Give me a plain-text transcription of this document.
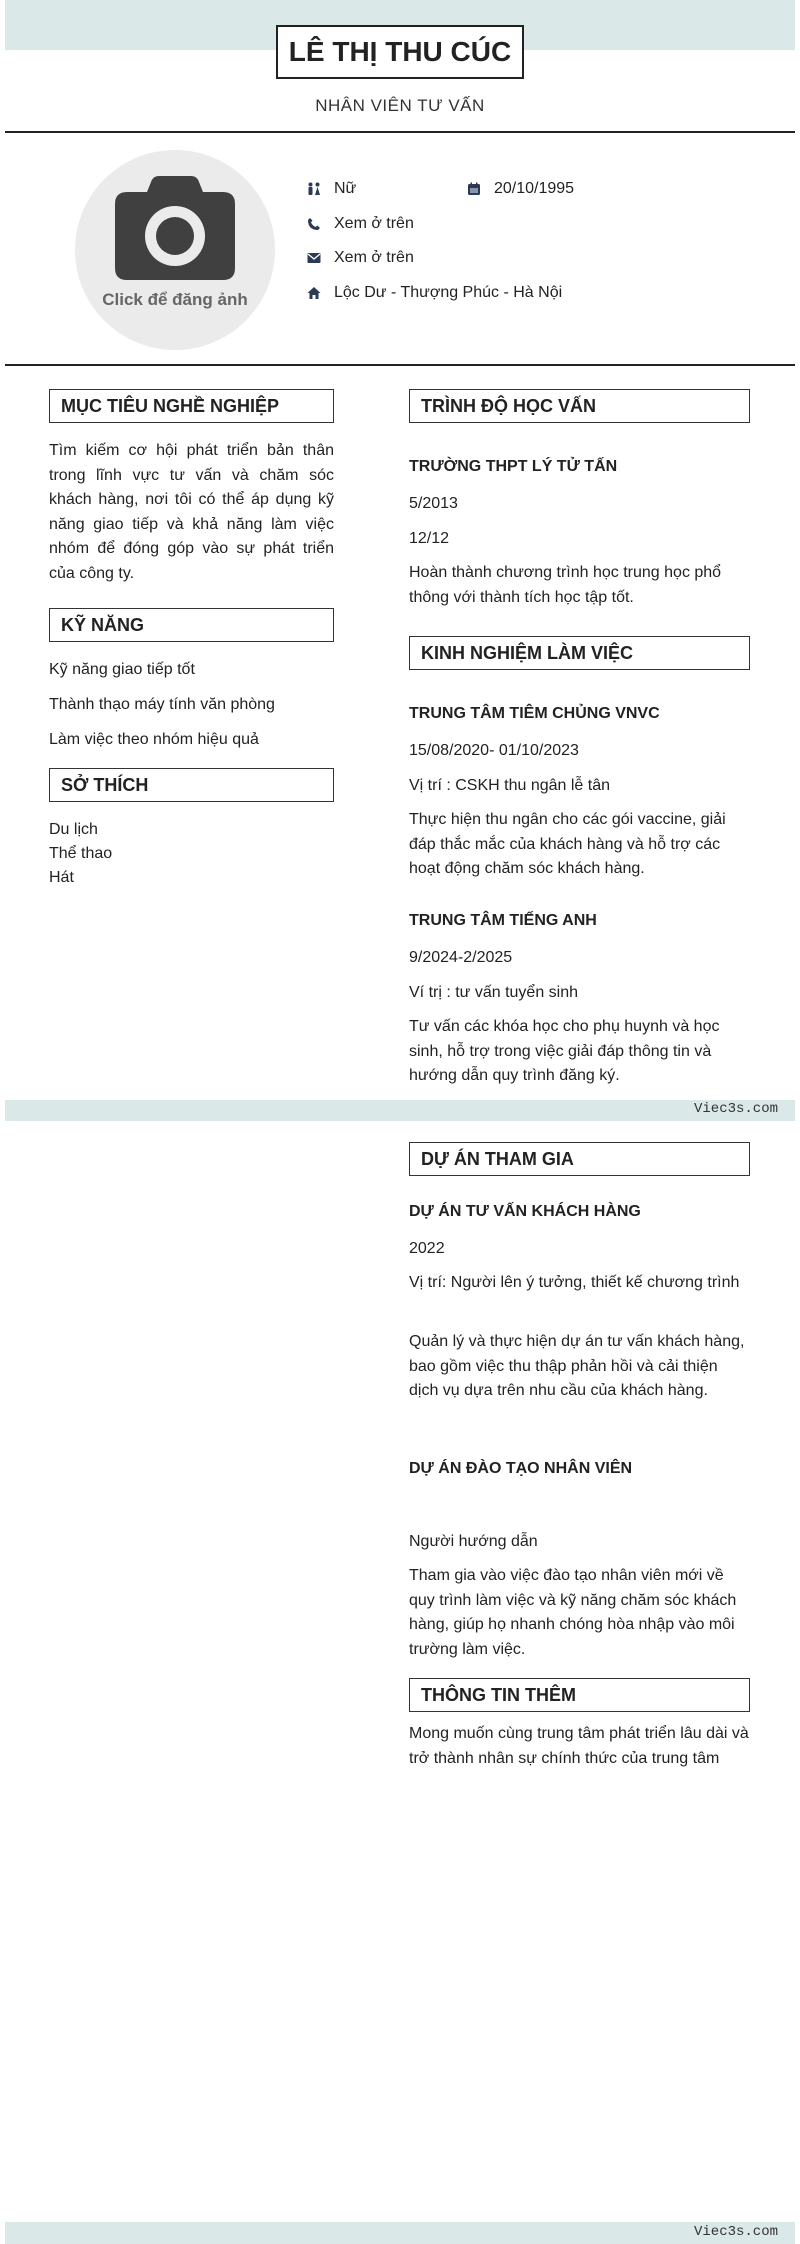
LÊ THỊ THU CÚC
NHÂN VIÊN TƯ VẤN
Click để đăng ảnh
Nữ	20/10/1995
Xem ở trên
Xem ở trên
Lộc Dư - Thượng Phúc - Hà Nội
MỤC TIÊU NGHỀ NGHIỆP
Tìm kiếm cơ hội phát triển bản thân trong lĩnh vực tư vấn và chăm sóc khách hàng, nơi tôi có thể áp dụng kỹ năng giao tiếp và khả năng làm việc nhóm để đóng góp vào sự phát triển của công ty.
KỸ NĂNG
Kỹ năng giao tiếp tốt
Thành thạo máy tính văn phòng
Làm việc theo nhóm hiệu quả
SỞ THÍCH
Du lịch
Thể thao
Hát
TRÌNH ĐỘ HỌC VẤN
TRƯỜNG THPT LÝ TỬ TẤN
5/2013
12/12
Hoàn thành chương trình học trung học phổ thông với thành tích học tập tốt.
KINH NGHIỆM LÀM VIỆC
TRUNG TÂM TIÊM CHỦNG VNVC
15/08/2020- 01/10/2023
Vị trí : CSKH thu ngân lễ tân
Thực hiện thu ngân cho các gói vaccine, giải đáp thắc mắc của khách hàng và hỗ trợ các hoạt động chăm sóc khách hàng.
TRUNG TÂM TIẾNG ANH
9/2024-2/2025
Ví trị : tư vấn tuyển sinh
Tư vấn các khóa học cho phụ huynh và học sinh, hỗ trợ trong việc giải đáp thông tin và hướng dẫn quy trình đăng ký.
Viec3s.com
DỰ ÁN THAM GIA
DỰ ÁN TƯ VẤN KHÁCH HÀNG
2022
Vị trí: Người lên ý tưởng, thiết kế chương trình
Quản lý và thực hiện dự án tư vấn khách hàng, bao gồm việc thu thập phản hồi và cải thiện dịch vụ dựa trên nhu cầu của khách hàng.
DỰ ÁN ĐÀO TẠO NHÂN VIÊN
Người hướng dẫn
Tham gia vào việc đào tạo nhân viên mới về quy trình làm việc và kỹ năng chăm sóc khách hàng, giúp họ nhanh chóng hòa nhập vào môi trường làm việc.
THÔNG TIN THÊM
Mong muốn cùng trung tâm phát triển lâu dài và trở thành nhân sự chính thức của trung tâm
Viec3s.com
